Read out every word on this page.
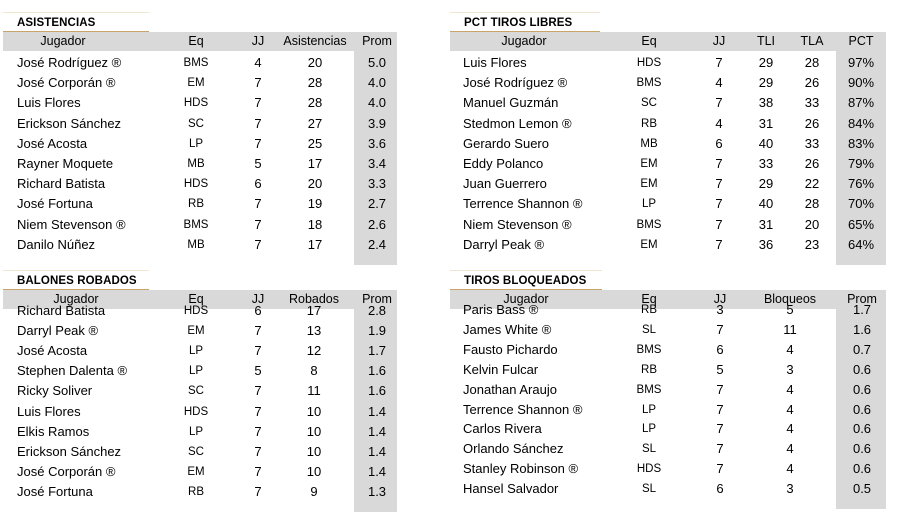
ASISTENCIAS
Jugador	Eq	JJ Asistencias Prom
José Rodríguez ®	BMS	4	20	5.0
José Corporán ®	EM	7	28	4.0
Luis Flores	HDS	7	28	4.0
Erickson Sánchez	SC	7	27	3.9
José Acosta	LP	7	25	3.6
Rayner Moquete	MB	5	17	3.4
Richard Batista	HDS	6	20	3.3
José Fortuna	RB	7	19	2.7
Niem Stevenson ®	BMS	7	18	2.6
Danilo Núñez	MB	7	17	2.4
PCT TIROS LIBRES
Jugador	Eq	JJ	TLI TLA PCT
Luis Flores	HDS	7	29 28 97%
José Rodríguez ®	BMS	4	29 26 90%
Manuel Guzmán	SC	7	38 33 87%
Stedmon Lemon ®	RB	4	31 26 84%
Gerardo Suero	MB	6	40 33 83%
Eddy Polanco	EM	7	33 26 79%
Juan Guerrero	EM	7	29 22 76%
Terrence Shannon ®	LP	7	40 28 70%
Niem Stevenson ®	BMS	7	31 20 65%
Darryl Peak ®	EM	7	36 23 64%
BALONES ROBADOS
Jugador	Eq	JJ Robados Prom
Richard Batista	HDS	6	17	2.8
Darryl Peak ®	EM	7	13	1.9
José Acosta	LP	7	12	1.7
Stephen Dalenta ®	LP	5	8	1.6
Ricky Soliver	SC	7	11	1.6
Luis Flores	HDS	7	10	1.4
Elkis Ramos	LP	7	10	1.4
Erickson Sánchez	SC	7	10	1.4
José Corporán ®	EM	7	10	1.4
José Fortuna	RB	7	9	1.3
TIROS BLOQUEADOS
Jugador	Eq	JJ	Bloqueos Prom
Paris Bass ®	RB	3	5	1.7
James White ®	SL	7	11	1.6
Fausto Pichardo	BMS	6	4	0.7
Kelvin Fulcar	RB	5	3	0.6
Jonathan Araujo	BMS	7	4	0.6
Terrence Shannon ®	LP	7	4	0.6
Carlos Rivera	LP	7	4	0.6
Orlando Sánchez	SL	7	4	0.6
Stanley Robinson ®	HDS	7	4	0.6
Hansel Salvador	SL	6	3	0.5
